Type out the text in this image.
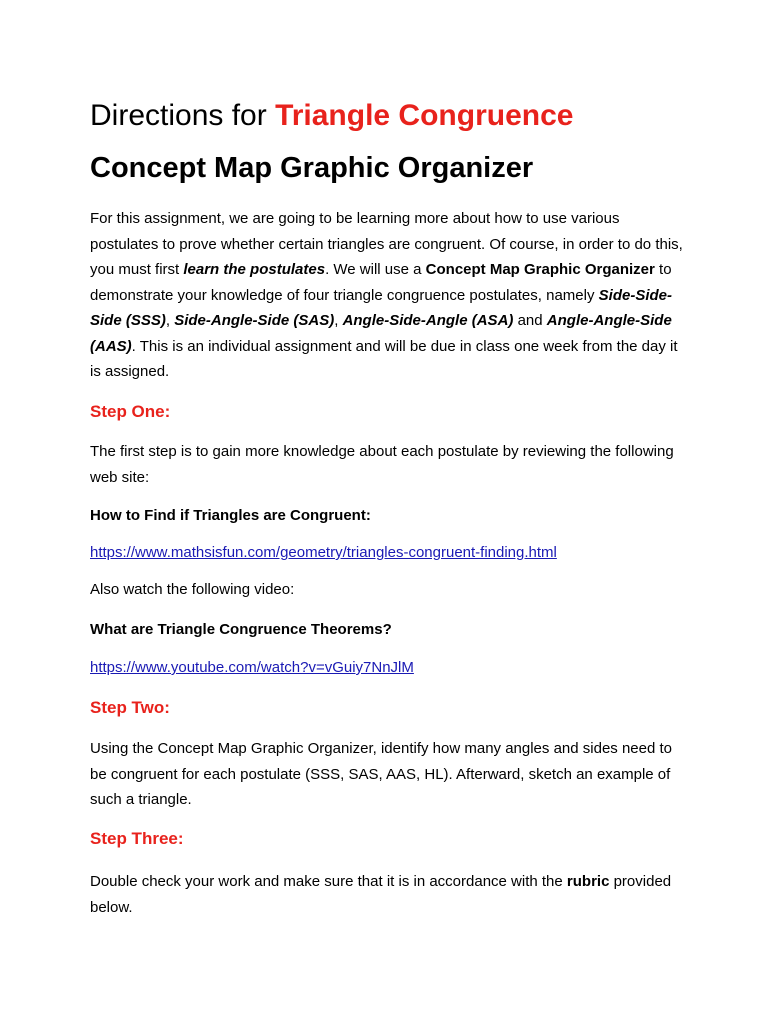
Directions for Triangle Congruence
Concept Map Graphic Organizer
For this assignment, we are going to be learning more about how to use various postulates to prove whether certain triangles are congruent. Of course, in order to do this, you must first learn the postulates. We will use a Concept Map Graphic Organizer to demonstrate your knowledge of four triangle congruence postulates, namely Side-Side-Side (SSS), Side-Angle-Side (SAS), Angle-Side-Angle (ASA) and Angle-Angle-Side (AAS). This is an individual assignment and will be due in class one week from the day it is assigned.
Step One:
The first step is to gain more knowledge about each postulate by reviewing the following web site:
How to Find if Triangles are Congruent:
https://www.mathsisfun.com/geometry/triangles-congruent-finding.html
Also watch the following video:
What are Triangle Congruence Theorems?
https://www.youtube.com/watch?v=vGuiy7NnJlM
Step Two:
Using the Concept Map Graphic Organizer, identify how many angles and sides need to be congruent for each postulate (SSS, SAS, AAS, HL). Afterward, sketch an example of such a triangle.
Step Three:
Double check your work and make sure that it is in accordance with the rubric provided below.
